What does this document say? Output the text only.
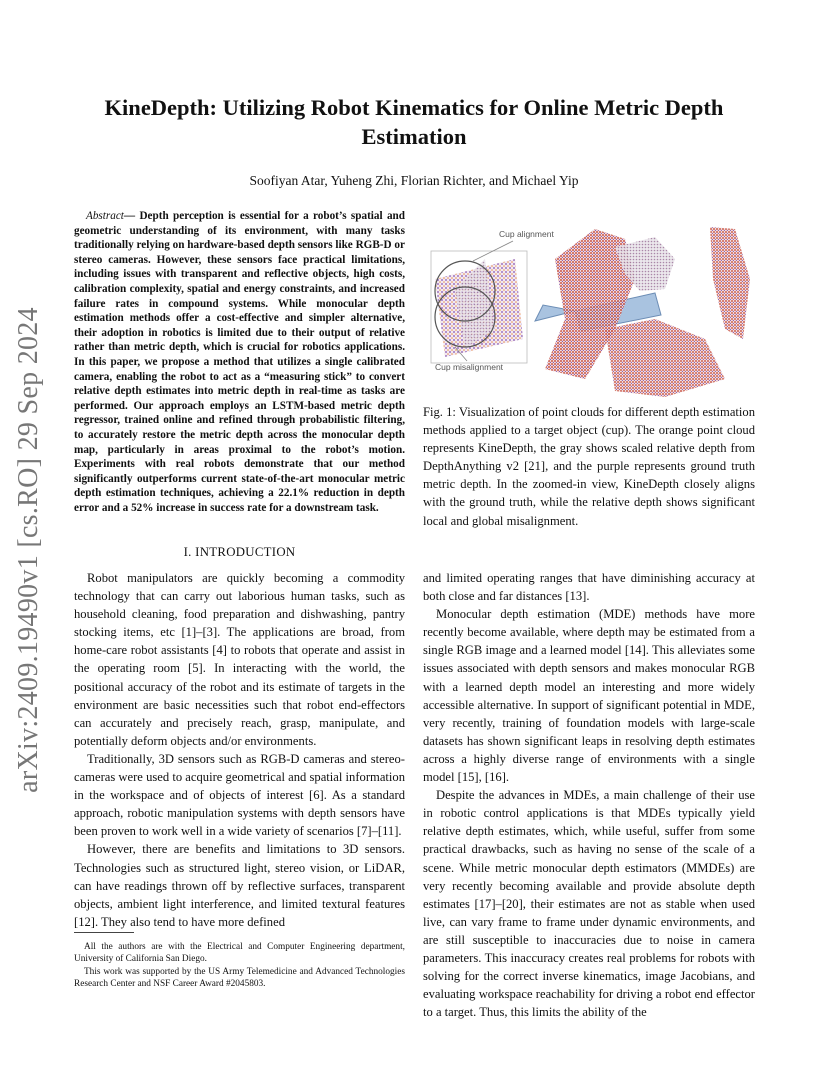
arXiv:2409.19490v1 [cs.RO] 29 Sep 2024
KineDepth: Utilizing Robot Kinematics for Online Metric Depth Estimation
Soofiyan Atar, Yuheng Zhi, Florian Richter, and Michael Yip
Abstract— Depth perception is essential for a robot’s spatial and geometric understanding of its environment, with many tasks traditionally relying on hardware-based depth sensors like RGB-D or stereo cameras. However, these sensors face practical limitations, including issues with transparent and reflective objects, high costs, calibration complexity, spatial and energy constraints, and increased failure rates in compound systems. While monocular depth estimation methods offer a cost-effective and simpler alternative, their adoption in robotics is limited due to their output of relative rather than metric depth, which is crucial for robotics applications. In this paper, we propose a method that utilizes a single calibrated camera, enabling the robot to act as a “measuring stick” to convert relative depth estimates into metric depth in real-time as tasks are performed. Our approach employs an LSTM-based metric depth regressor, trained online and refined through probabilistic filtering, to accurately restore the metric depth across the monocular depth map, particularly in areas proximal to the robot’s motion. Experiments with real robots demonstrate that our method significantly outperforms current state-of-the-art monocular metric depth estimation techniques, achieving a 22.1% reduction in depth error and a 52% increase in success rate for a downstream task.
I. INTRODUCTION

Robot manipulators are quickly becoming a commodity technology that can carry out laborious human tasks, such as household cleaning, food preparation and dishwashing, pantry stocking items, etc [1]–[3]. The applications are broad, from home-care robot assistants [4] to robots that operate and assist in the operating room [5]. In interacting with the world, the positional accuracy of the robot and its estimate of targets in the environment are basic necessities such that robot end-effectors can accurately and precisely reach, grasp, manipulate, and potentially deform objects and/or environments.

Traditionally, 3D sensors such as RGB-D cameras and stereo-cameras were used to acquire geometrical and spatial information in the workspace and of objects of interest [6]. As a standard approach, robotic manipulation systems with depth sensors have been proven to work well in a wide variety of scenarios [7]–[11].

However, there are benefits and limitations to 3D sensors. Technologies such as structured light, stereo vision, or LiDAR, can have readings thrown off by reflective surfaces, transparent objects, ambient light interference, and limited textural features [12]. They also tend to have more defined

All the authors are with the Electrical and Computer Engineering department, University of California San Diego.

This work was supported by the US Army Telemedicine and Advanced Technologies Research Center and NSF Career Award #2045803.

Cup alignment
Cup misalignment
Fig. 1: Visualization of point clouds for different depth estimation methods applied to a target object (cup). The orange point cloud represents KineDepth, the gray shows scaled relative depth from DepthAnything v2 [21], and the purple represents ground truth metric depth. In the zoomed-in view, KineDepth closely aligns with the ground truth, while the relative depth shows significant local and global misalignment.

and limited operating ranges that have diminishing accuracy at both close and far distances [13].

Monocular depth estimation (MDE) methods have more recently become available, where depth may be estimated from a single RGB image and a learned model [14]. This alleviates some issues associated with depth sensors and makes monocular RGB with a learned depth model an interesting and more widely accessible alternative. In support of significant potential in MDE, very recently, training of foundation models with large-scale datasets has shown significant leaps in resolving depth estimates across a highly diverse range of environments with a single model [15], [16].

Despite the advances in MDEs, a main challenge of their use in robotic control applications is that MDEs typically yield relative depth estimates, which, while useful, suffer from some practical drawbacks, such as having no sense of the scale of a scene. While metric monocular depth estimators (MMDEs) are very recently becoming available and provide absolute depth estimates [17]–[20], their estimates are not as stable when used live, can vary frame to frame under dynamic environments, and are still susceptible to inaccuracies due to noise in camera parameters. This inaccuracy creates real problems for robots with solving for the correct inverse kinematics, image Jacobians, and evaluating workspace reachability for driving a robot end effector to a target. Thus, this limits the ability of the
